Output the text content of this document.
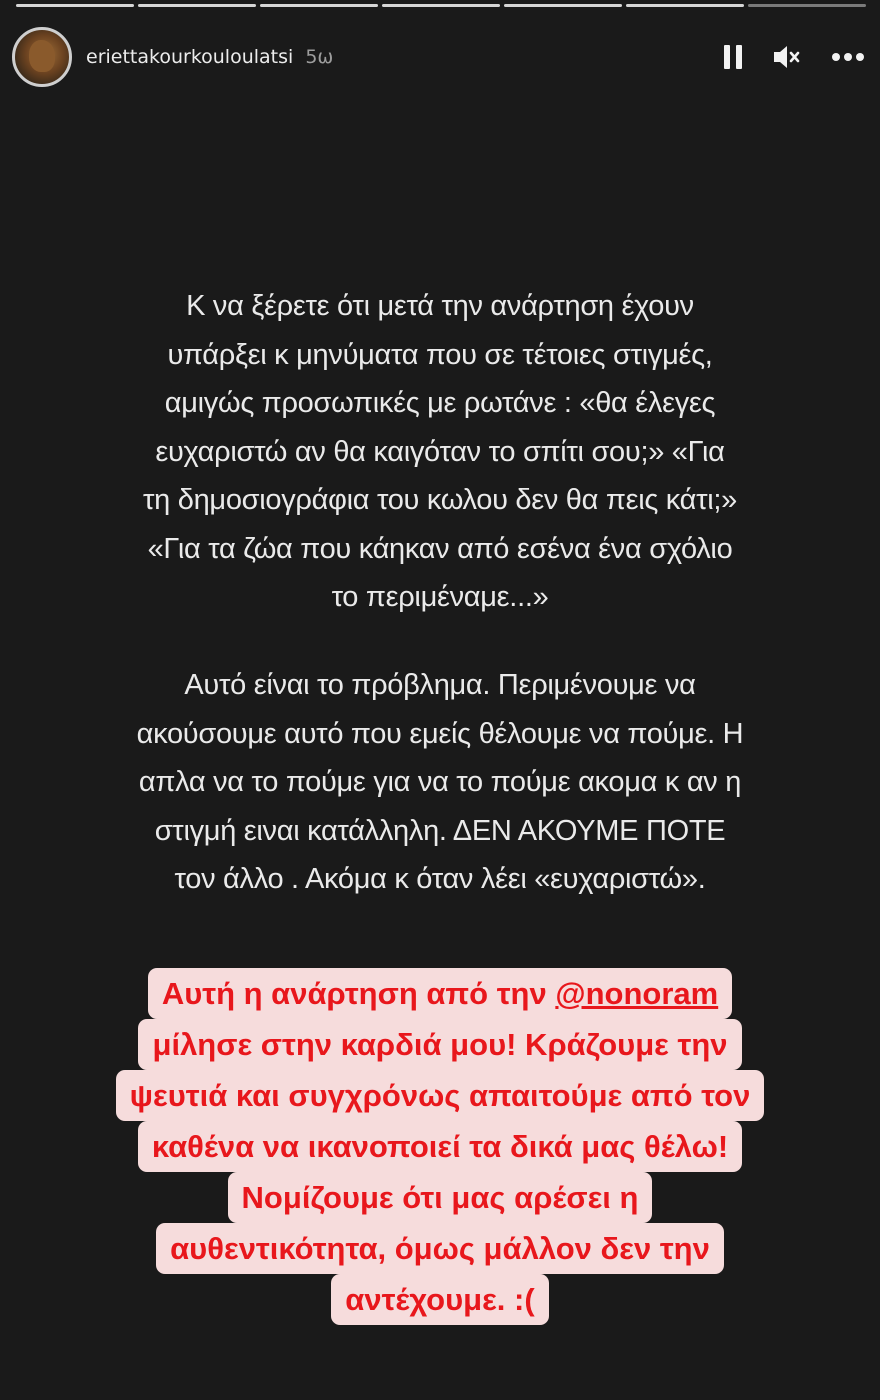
eriettakourkouloulatsi 5ω
Κ να ξέρετε ότι μετά την ανάρτηση έχουν
υπάρξει κ μηνύματα που σε τέτοιες στιγμές,
αμιγώς προσωπικές με ρωτάνε : «θα έλεγες
ευχαριστώ αν θα καιγόταν το σπίτι σου;» «Για
τη δημοσιογράφια του κωλου δεν θα πεις κάτι;»
«Για τα ζώα που κάηκαν από εσένα ένα σχόλιο
το περιμέναμε...»
Αυτό είναι το πρόβλημα. Περιμένουμε να
ακούσουμε αυτό που εμείς θέλουμε να πούμε. Η
απλα να το πούμε για να το πούμε ακομα κ αν η
στιγμή ειναι κατάλληλη. ΔΕΝ ΑΚΟΥΜΕ ΠΟΤΕ
τον άλλο . Ακόμα κ όταν λέει «ευχαριστώ».
Αυτή η ανάρτηση από την @nonoram
μίλησε στην καρδιά μου! Κράζουμε την
ψευτιά και συγχρόνως απαιτούμε από τον
καθένα να ικανοποιεί τα δικά μας θέλω!
Νομίζουμε ότι μας αρέσει η
αυθεντικότητα, όμως μάλλον δεν την
αντέχουμε. :(
